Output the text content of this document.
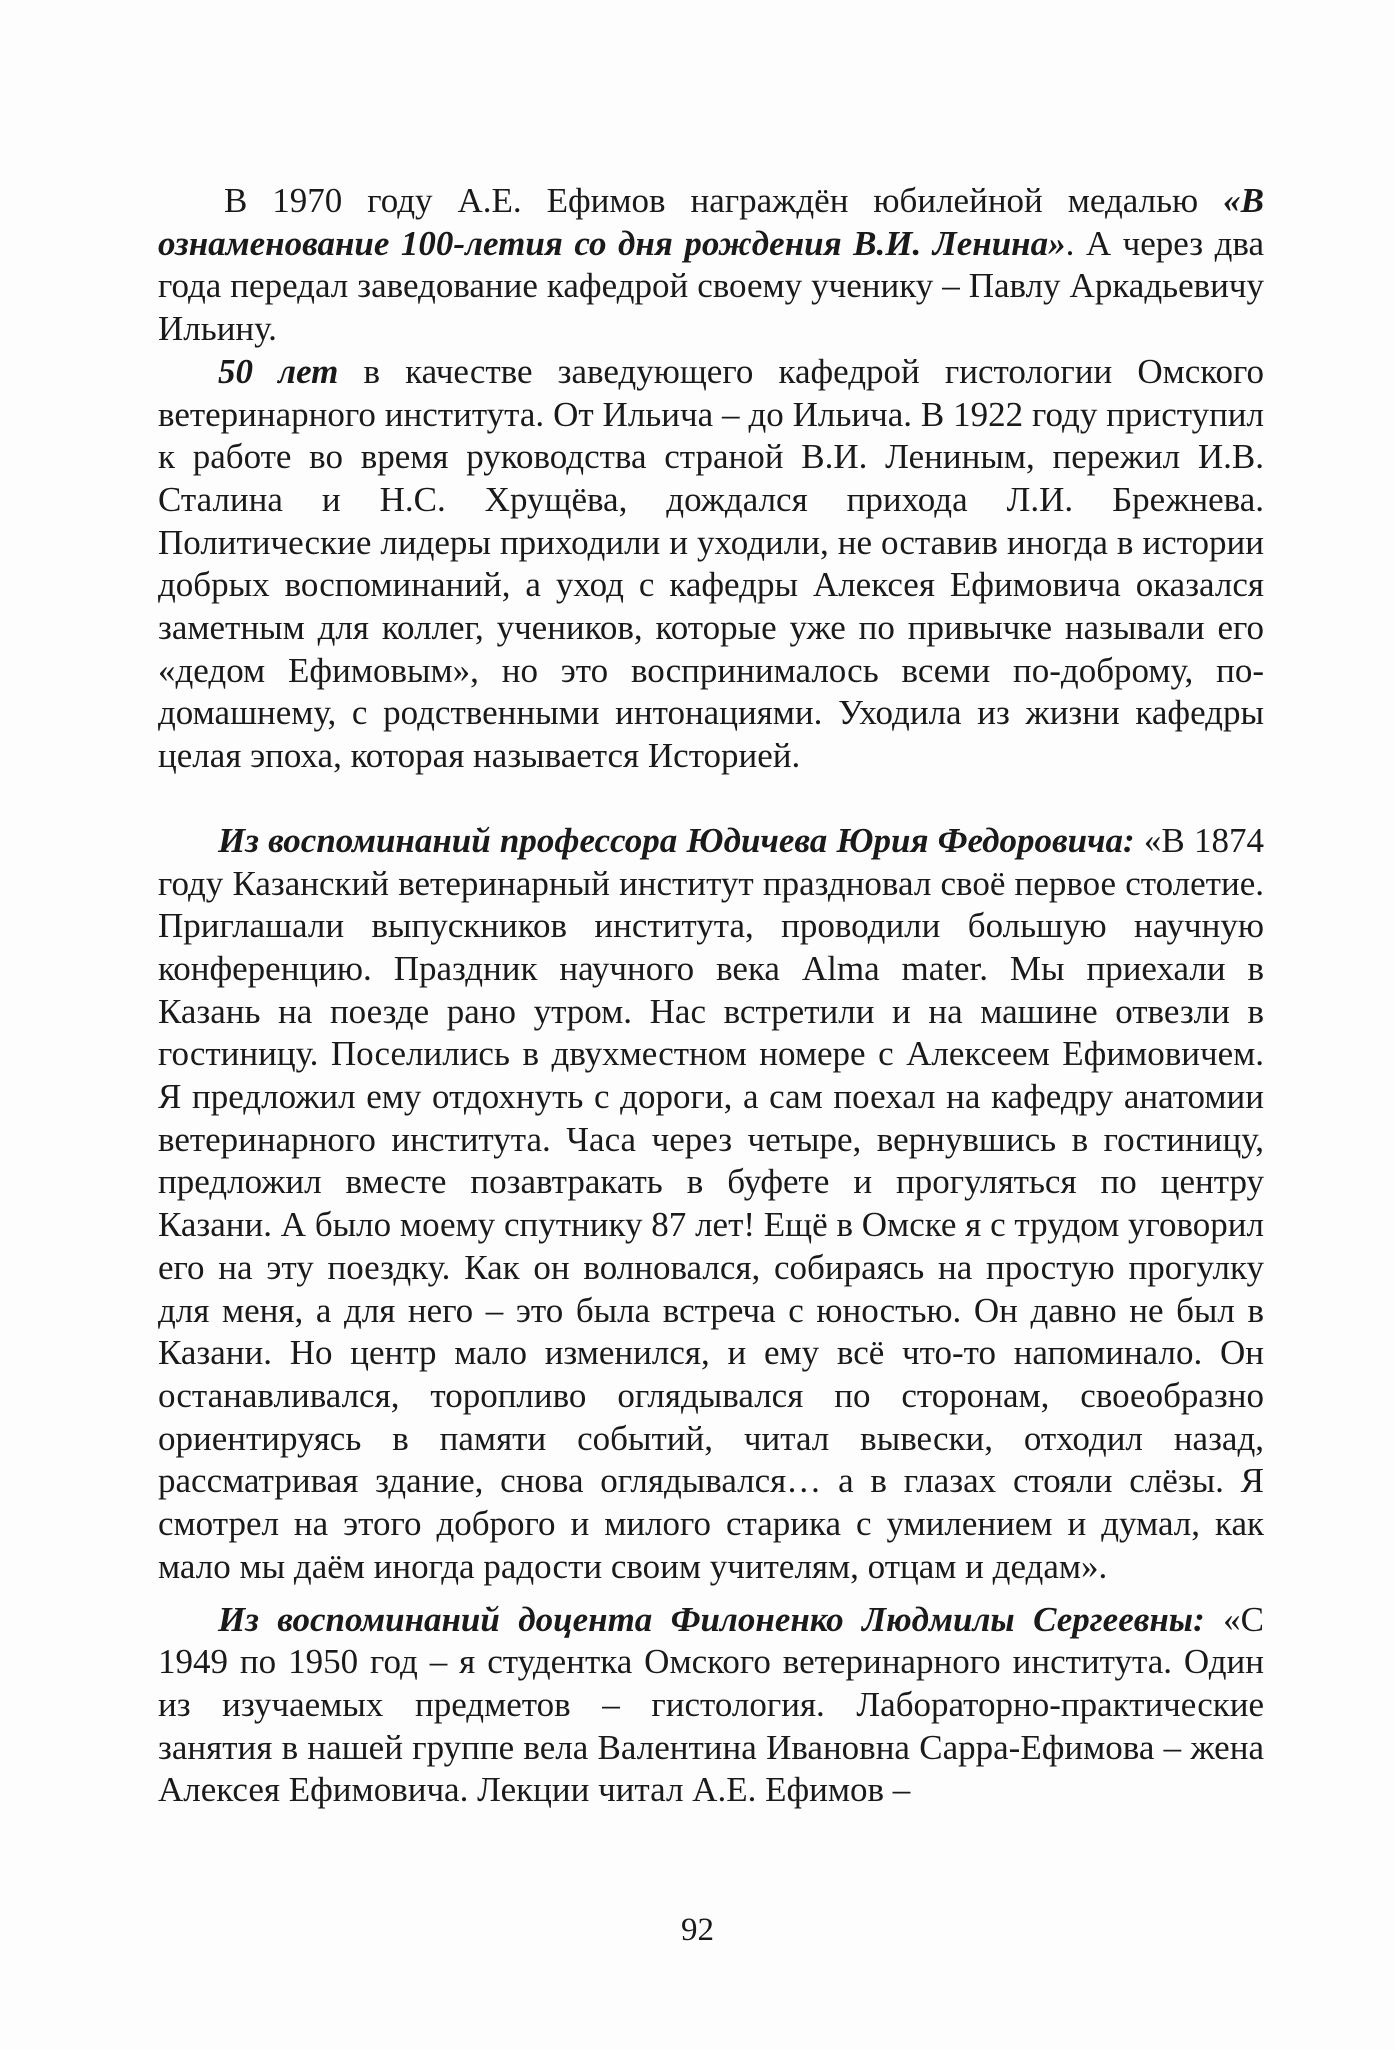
В 1970 году А.Е. Ефимов награждён юбилейной медалью «В ознаменование 100-летия со дня рождения В.И. Ленина». А через два года передал заведование кафедрой своему ученику – Павлу Аркадьевичу Ильину.

50 лет в качестве заведующего кафедрой гистологии Омского ветеринарного института. От Ильича – до Ильича. В 1922 году приступил к работе во время руководства страной В.И. Лениным, пережил И.В. Сталина и Н.С. Хрущёва, дождался прихода Л.И. Брежнева. Политические лидеры приходили и уходили, не оставив иногда в истории добрых воспоминаний, а уход с кафедры Алексея Ефимовича оказался заметным для коллег, учеников, которые уже по привычке называли его «дедом Ефимовым», но это воспринималось всеми по-доброму, по-домашнему, с родственными интонациями. Уходила из жизни кафедры целая эпоха, которая называется Историей.

Из воспоминаний профессора Юдичева Юрия Федоровича: «В 1874 году Казанский ветеринарный институт праздновал своё первое столетие. Приглашали выпускников института, проводили большую научную конференцию. Праздник научного века Alma mater. Мы приехали в Казань на поезде рано утром. Нас встретили и на машине отвезли в гостиницу. Поселились в двухместном номере с Алексеем Ефимовичем. Я предложил ему отдохнуть с дороги, а сам поехал на кафедру анатомии ветеринарного института. Часа через четыре, вернувшись в гостиницу, предложил вместе позавтракать в буфете и прогуляться по центру Казани. А было моему спутнику 87 лет! Ещё в Омске я с трудом уговорил его на эту поездку. Как он волновался, собираясь на простую прогулку для меня, а для него – это была встреча с юностью. Он давно не был в Казани. Но центр мало изменился, и ему всё что-то напоминало. Он останавливался, торопливо оглядывался по сторонам, своеобразно ориентируясь в памяти событий, читал вывески, отходил назад, рассматривая здание, снова оглядывался… а в глазах стояли слёзы. Я смотрел на этого доброго и милого старика с умилением и думал, как мало мы даём иногда радости своим учителям, отцам и дедам».

Из воспоминаний доцента Филоненко Людмилы Сергеевны: «С 1949 по 1950 год – я студентка Омского ветеринарного института. Один из изучаемых предметов – гистология. Лабораторно-практические занятия в нашей группе вела Валентина Ивановна Сарра-Ефимова – жена Алексея Ефимовича. Лекции читал А.Е. Ефимов –

92
